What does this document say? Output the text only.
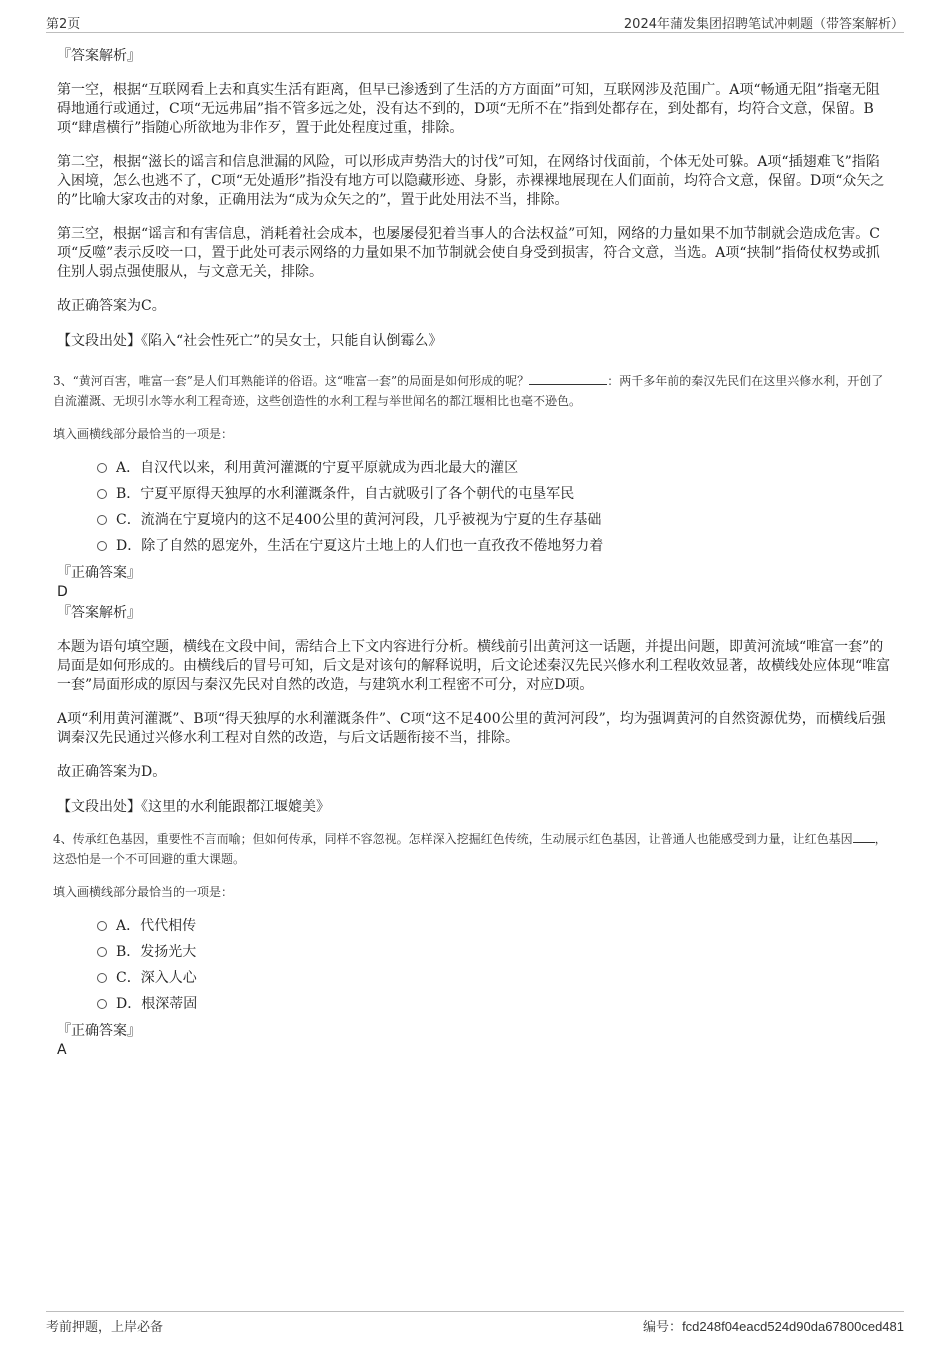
第2页	2024年蒲发集团招聘笔试冲刺题（带答案解析）
『答案解析』

第一空，根据“互联网看上去和真实生活有距离，但早已渗透到了生活的方方面面”可知，互联网涉及范围广。A项“畅通无阻”指毫无阻碍地通行或通过，C项“无远弗届”指不管多远之处，没有达不到的，D项“无所不在”指到处都存在，到处都有，均符合文意，保留。B项“肆虐横行”指随心所欲地为非作歹，置于此处程度过重，排除。

第二空，根据“滋长的谣言和信息泄漏的风险，可以形成声势浩大的讨伐”可知，在网络讨伐面前，个体无处可躲。A项“插翅难飞”指陷入困境，怎么也逃不了，C项“无处遁形”指没有地方可以隐藏形迹、身影，赤裸裸地展现在人们面前，均符合文意，保留。D项“众矢之的”比喻大家攻击的对象，正确用法为“成为众矢之的”，置于此处用法不当，排除。

第三空，根据“谣言和有害信息，消耗着社会成本，也屡屡侵犯着当事人的合法权益”可知，网络的力量如果不加节制就会造成危害。C项“反噬”表示反咬一口，置于此处可表示网络的力量如果不加节制就会使自身受到损害，符合文意，当选。A项“挟制”指倚仗权势或抓住别人弱点强使服从，与文意无关，排除。

故正确答案为C。

【文段出处】《陷入“社会性死亡”的吴女士，只能自认倒霉么》

3、“黄河百害，唯富一套”是人们耳熟能详的俗语。这“唯富一套”的局面是如何形成的呢？	：两千多年前的秦汉先民们在这里兴修水利，开创了自流灌溉、无坝引水等水利工程奇迹，这些创造性的水利工程与举世闻名的都江堰相比也毫不逊色。

填入画横线部分最恰当的一项是：

A．自汉代以来，利用黄河灌溉的宁夏平原就成为西北最大的灌区
B．宁夏平原得天独厚的水利灌溉条件，自古就吸引了各个朝代的屯垦军民
C．流淌在宁夏境内的这不足400公里的黄河河段，几乎被视为宁夏的生存基础
D．除了自然的恩宠外，生活在宁夏这片土地上的人们也一直孜孜不倦地努力着
『正确答案』

D

『答案解析』

本题为语句填空题，横线在文段中间，需结合上下文内容进行分析。横线前引出黄河这一话题，并提出问题，即黄河流域“唯富一套”的局面是如何形成的。由横线后的冒号可知，后文是对该句的解释说明，后文论述秦汉先民兴修水利工程收效显著，故横线处应体现“唯富一套”局面形成的原因与秦汉先民对自然的改造，与建筑水利工程密不可分，对应D项。

A项“利用黄河灌溉”、B项“得天独厚的水利灌溉条件”、C项“这不足400公里的黄河河段”，均为强调黄河的自然资源优势，而横线后强调秦汉先民通过兴修水利工程对自然的改造，与后文话题衔接不当，排除。

故正确答案为D。

【文段出处】《这里的水利能跟都江堰媲美》

4、传承红色基因，重要性不言而喻；但如何传承，同样不容忽视。怎样深入挖掘红色传统，生动展示红色基因，让普通人也能感受到力量，让红色基因 ，这恐怕是一个不可回避的重大课题。

填入画横线部分最恰当的一项是：

A．代代相传
B．发扬光大
C．深入人心
D．根深蒂固
『正确答案』

A

考前押题，上岸必备	编号：fcd248f04eacd524d90da67800ced481
